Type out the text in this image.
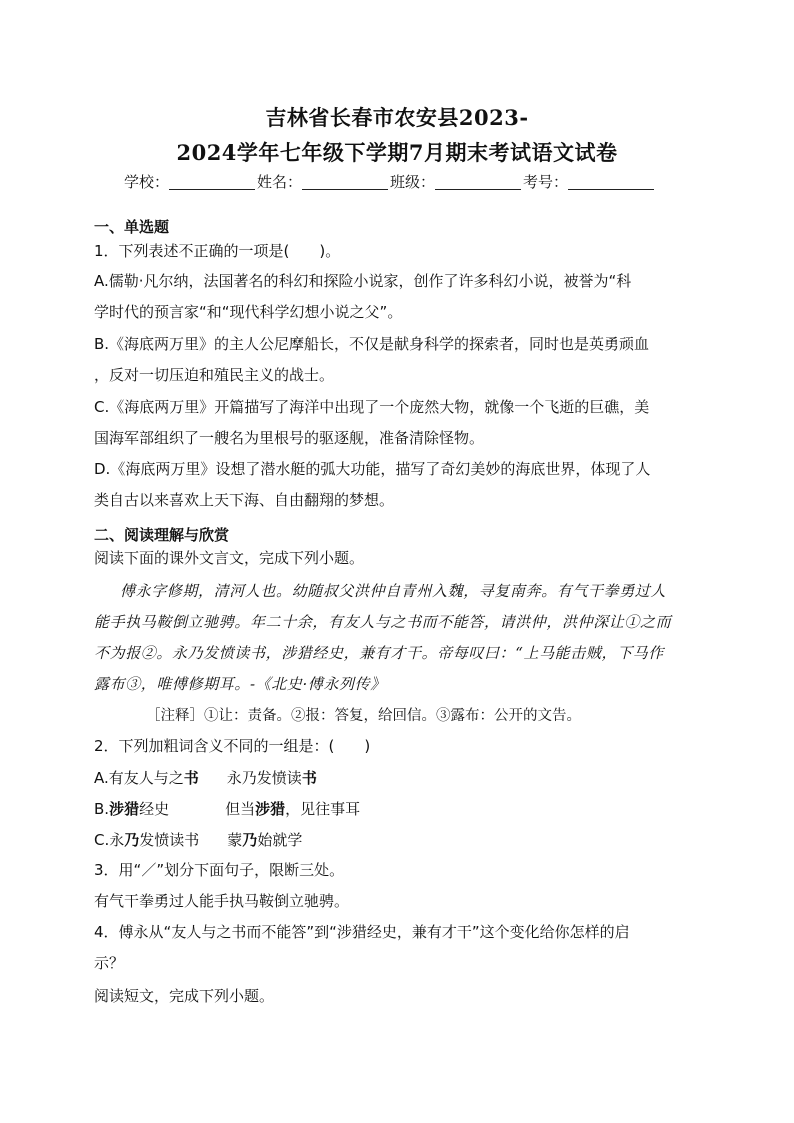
吉林省长春市农安县2023-
2024学年七年级下学期7月期末考试语文试卷
学校：	姓名：	班级：	考号：
一、单选题
1．下列表述不正确的一项是(　　)。
A.儒勒·凡尔纳，法国著名的科幻和探险小说家，创作了许多科幻小说，被誉为“科
学时代的预言家“和“现代科学幻想小说之父”。
B.《海底两万里》的主人公尼摩船长，不仅是献身科学的探索者，同时也是英勇顽血
，反对一切压迫和殖民主义的战士。
C.《海底两万里》开篇描写了海洋中出现了一个庞然大物，就像一个飞逝的巨礁，美
国海军部组织了一艘名为里根号的驱逐舰，准备清除怪物。
D.《海底两万里》设想了潜水艇的弧大功能，描写了奇幻美妙的海底世界，体现了人
类自古以来喜欢上天下海、自由翻翔的梦想。
二、阅读理解与欣赏
阅读下面的课外文言文，完成下列小题。
傅永字修期，清河人也。幼随叔父洪仲自青州入魏，寻复南奔。有气干拳勇过人
能手执马鞍倒立驰骋。年二十余，有友人与之书而不能答，请洪仲，洪仲深让①之而
不为报②。永乃发愤读书，涉猎经史，兼有才干。帝每叹曰：“上马能击贼，下马作
露布③，唯傅修期耳。-《北史·傅永列传》
［注释］①让：责备。②报：答复，给回信。③露布：公开的文告。
2．下列加粗词含义不同的一组是：(　　)
A.有友人与之书 永乃发愤读书
B.涉猎经史	但当涉猎，见往事耳
C.永乃发愤读书 蒙乃始就学
3．用“／”划分下面句子，限断三处。
有气干拳勇过人能手执马鞍倒立驰骋。
4．傅永从“友人与之书而不能答”到“涉猎经史，兼有才干”这个变化给你怎样的启
示？
阅读短文，完成下列小题。
